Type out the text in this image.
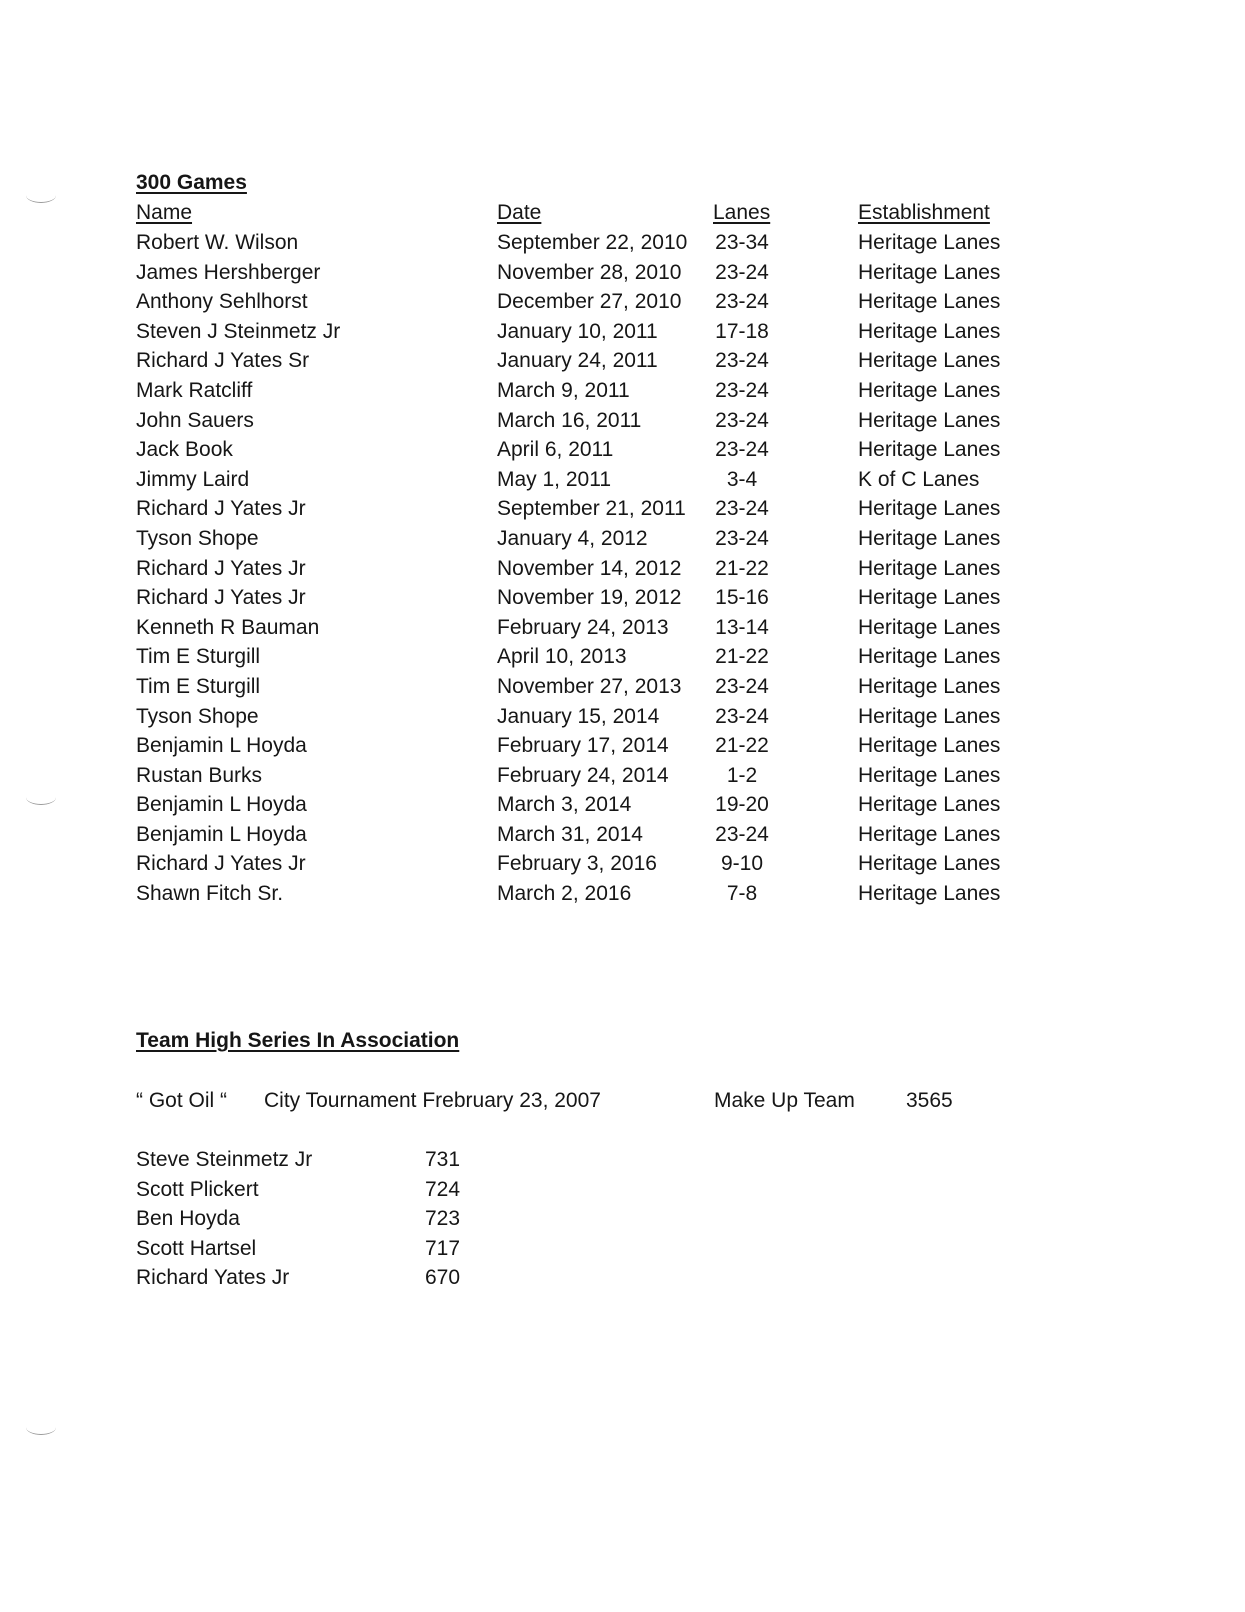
300 Games
Name	Date	Lanes	Establishment
Robert W. Wilson	September 22, 2010 23-34	Heritage Lanes
James Hershberger	November 28, 2010 23-24	Heritage Lanes
Anthony Sehlhorst	December 27, 2010 23-24	Heritage Lanes
Steven J Steinmetz Jr	January 10, 2011	17-18	Heritage Lanes
Richard J Yates Sr	January 24, 2011	23-24	Heritage Lanes
Mark Ratcliff	March 9, 2011	23-24	Heritage Lanes
John Sauers	March 16, 2011	23-24	Heritage Lanes
Jack Book	April 6, 2011	23-24	Heritage Lanes
Jimmy Laird	May 1, 2011	3-4	K of C Lanes
Richard J Yates Jr	September 21, 2011 23-24	Heritage Lanes
Tyson Shope	January 4, 2012	23-24	Heritage Lanes
Richard J Yates Jr	November 14, 2012 21-22	Heritage Lanes
Richard J Yates Jr	November 19, 2012 15-16	Heritage Lanes
Kenneth R Bauman	February 24, 2013 13-14	Heritage Lanes
Tim E Sturgill	April 10, 2013	21-22	Heritage Lanes
Tim E Sturgill	November 27, 2013 23-24	Heritage Lanes
Tyson Shope	January 15, 2014	23-24	Heritage Lanes
Benjamin L Hoyda	February 17, 2014 21-22	Heritage Lanes
Rustan Burks	February 24, 2014	1-2	Heritage Lanes
Benjamin L Hoyda	March 3, 2014	19-20	Heritage Lanes
Benjamin L Hoyda	March 31, 2014	23-24	Heritage Lanes
Richard J Yates Jr	February 3, 2016	9-10	Heritage Lanes
Shawn Fitch Sr.	March 2, 2016	7-8	Heritage Lanes
Team High Series In Association
“ Got Oil “ City Tournament Frebruary 23, 2007	Make Up Team 3565
Steve Steinmetz Jr	731
Scott Plickert	724
Ben Hoyda	723
Scott Hartsel	717
Richard Yates Jr	670
